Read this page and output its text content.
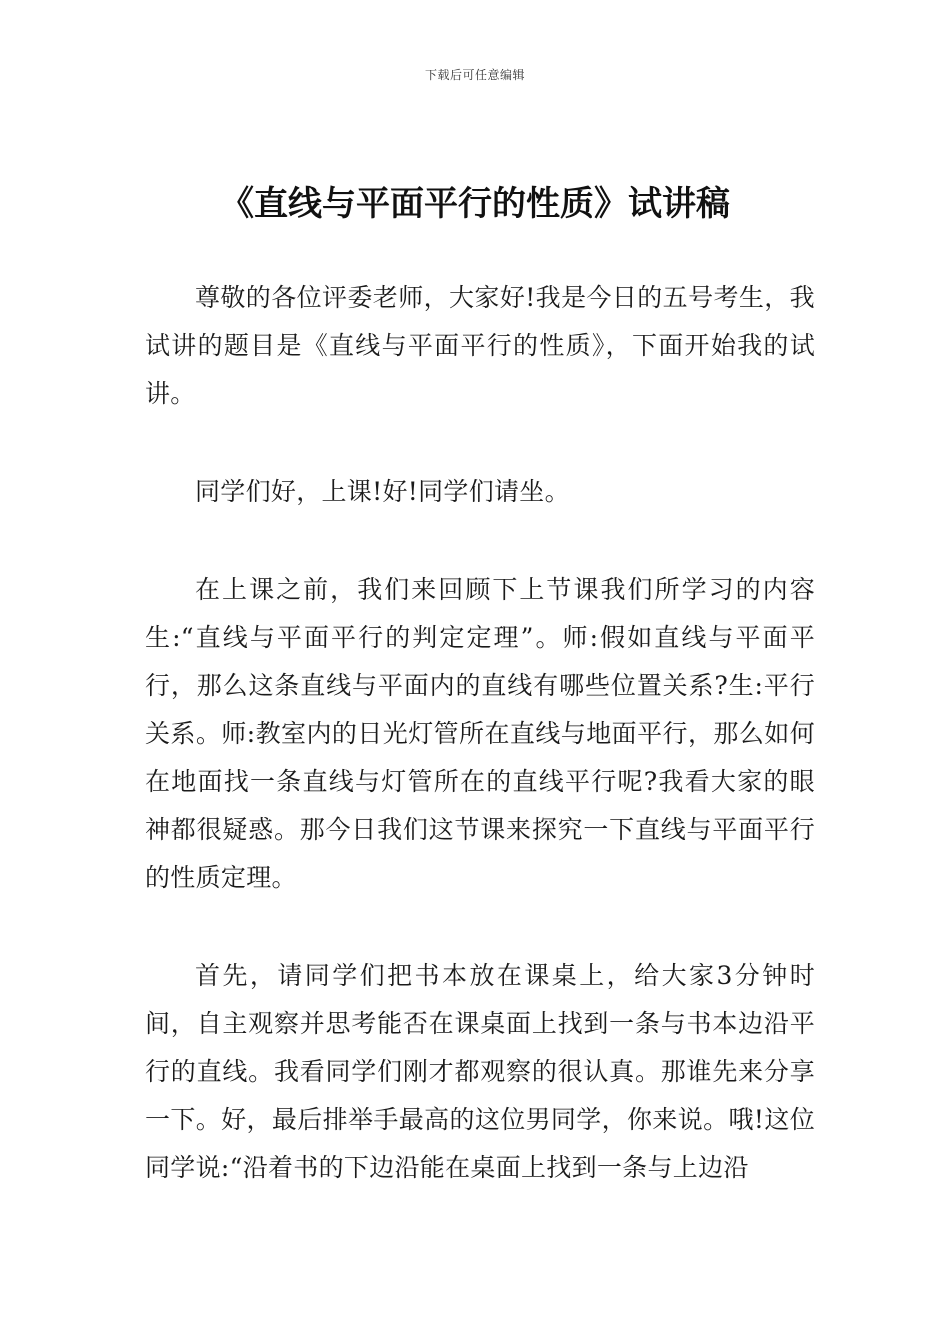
下载后可任意编辑
《直线与平面平行的性质》试讲稿

尊敬的各位评委老师，大家好!我是今日的五号考生，我试讲的题目是《直线与平面平行的性质》，下面开始我的试讲。

同学们好，上课!好!同学们请坐。

在上课之前，我们来回顾下上节课我们所学习的内容生:“直线与平面平行的判定定理”。师:假如直线与平面平行，那么这条直线与平面内的直线有哪些位置关系?生:平行关系。师:教室内的日光灯管所在直线与地面平行，那么如何在地面找一条直线与灯管所在的直线平行呢?我看大家的眼神都很疑惑。那今日我们这节课来探究一下直线与平面平行的性质定理。

首先，请同学们把书本放在课桌上，给大家3分钟时间，自主观察并思考能否在课桌面上找到一条与书本边沿平行的直线。我看同学们刚才都观察的很认真。那谁先来分享一下。好，最后排举手最高的这位男同学，你来说。哦!这位同学说:“沿着书的下边沿能在桌面上找到一条与上边沿
